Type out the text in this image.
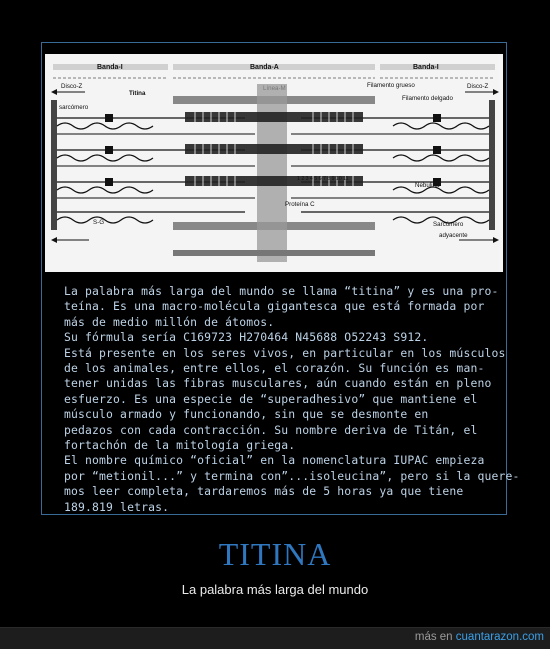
Banda-I	Banda-A	Banda-I
Disco-Z
Titina
sarcómero
Filamento grueso
Filamento delgado
Disco-Z
1 2 3 4 5 6 7 8 9 10 11
Proteína C
Nebulina
Sarcómero
adyacente
S-G
La palabra más larga del mundo se llama “titina” y es una pro-
teína. Es una macro-molécula gigantesca que está formada por
más de medio millón de átomos.
Su fórmula sería C169723 H270464 N45688 O52243 S912.
Está presente en los seres vivos, en particular en los músculos
de los animales, entre ellos, el corazón. Su función es man-
tener unidas las fibras musculares, aún cuando están en pleno
esfuerzo. Es una especie de “superadhesivo” que mantiene el
músculo armado y funcionando, sin que se desmonte en
pedazos con cada contracción. Su nombre deriva de Titán, el
fortachón de la mitología griega.
El nombre químico “oficial” en la nomenclatura IUPAC empieza
por “metionil...” y termina con”...isoleucina”, pero si la quere-
mos leer completa, tardaremos más de 5 horas ya que tiene
189.819 letras.
TITINA

La palabra más larga del mundo

más en cuantarazon.com
